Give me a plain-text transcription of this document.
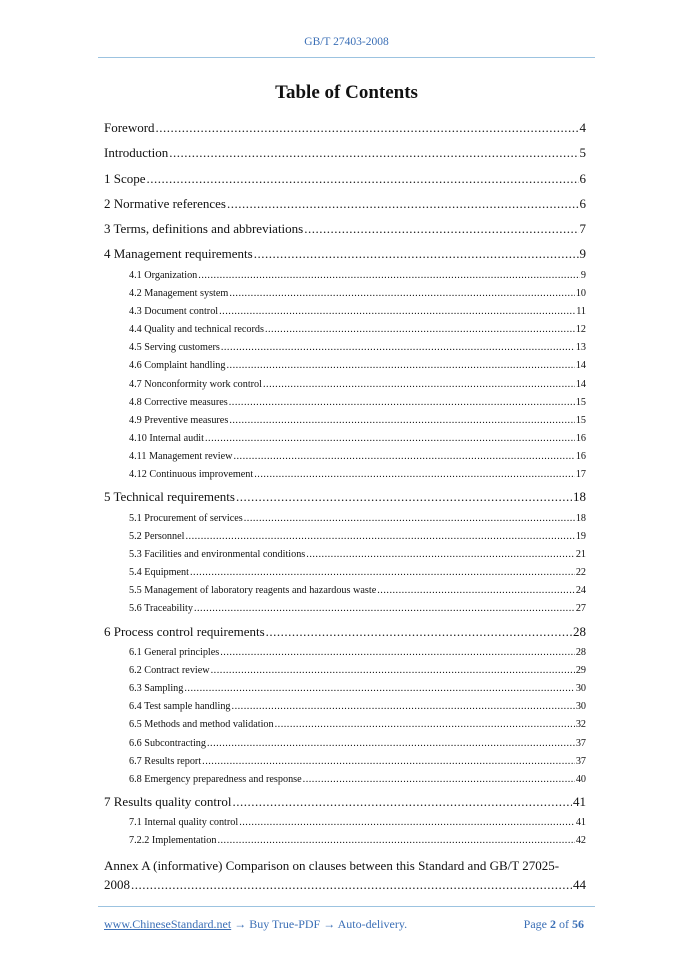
GB/T 27403-2008
Table of Contents
Foreword .....	4
Introduction .....	5
1 Scope .....	6
2 Normative references .....	6
3 Terms, definitions and abbreviations .....	7
4 Management requirements .....	9
4.1 Organization .....	9
4.2 Management system .....	10
4.3 Document control .....	11
4.4 Quality and technical records .....	12
4.5 Serving customers .....	13
4.6 Complaint handling .....	14
4.7 Nonconformity work control .....	14
4.8 Corrective measures .....	15
4.9 Preventive measures .....	15
4.10 Internal audit .....	16
4.11 Management review .....	16
4.12 Continuous improvement .....	17
5 Technical requirements .....	18
5.1 Procurement of services .....	18
5.2 Personnel .....	19
5.3 Facilities and environmental conditions .....	21
5.4 Equipment .....	22
5.5 Management of laboratory reagents and hazardous waste .....	24
5.6 Traceability .....	27
6 Process control requirements .....	28
6.1 General principles .....	28
6.2 Contract review .....	29
6.3 Sampling .....	30
6.4 Test sample handling .....	30
6.5 Methods and method validation .....	32
6.6 Subcontracting .....	37
6.7 Results report .....	37
6.8 Emergency preparedness and response .....	40
7 Results quality control .....	41
7.1 Internal quality control .....	41
7.2.2 Implementation .....	42
Annex A (informative) Comparison on clauses between this Standard and GB/T 27025-
2008 .....	44
www.ChineseStandard.net → Buy True-PDF → Auto-delivery.	Page 2 of 56
